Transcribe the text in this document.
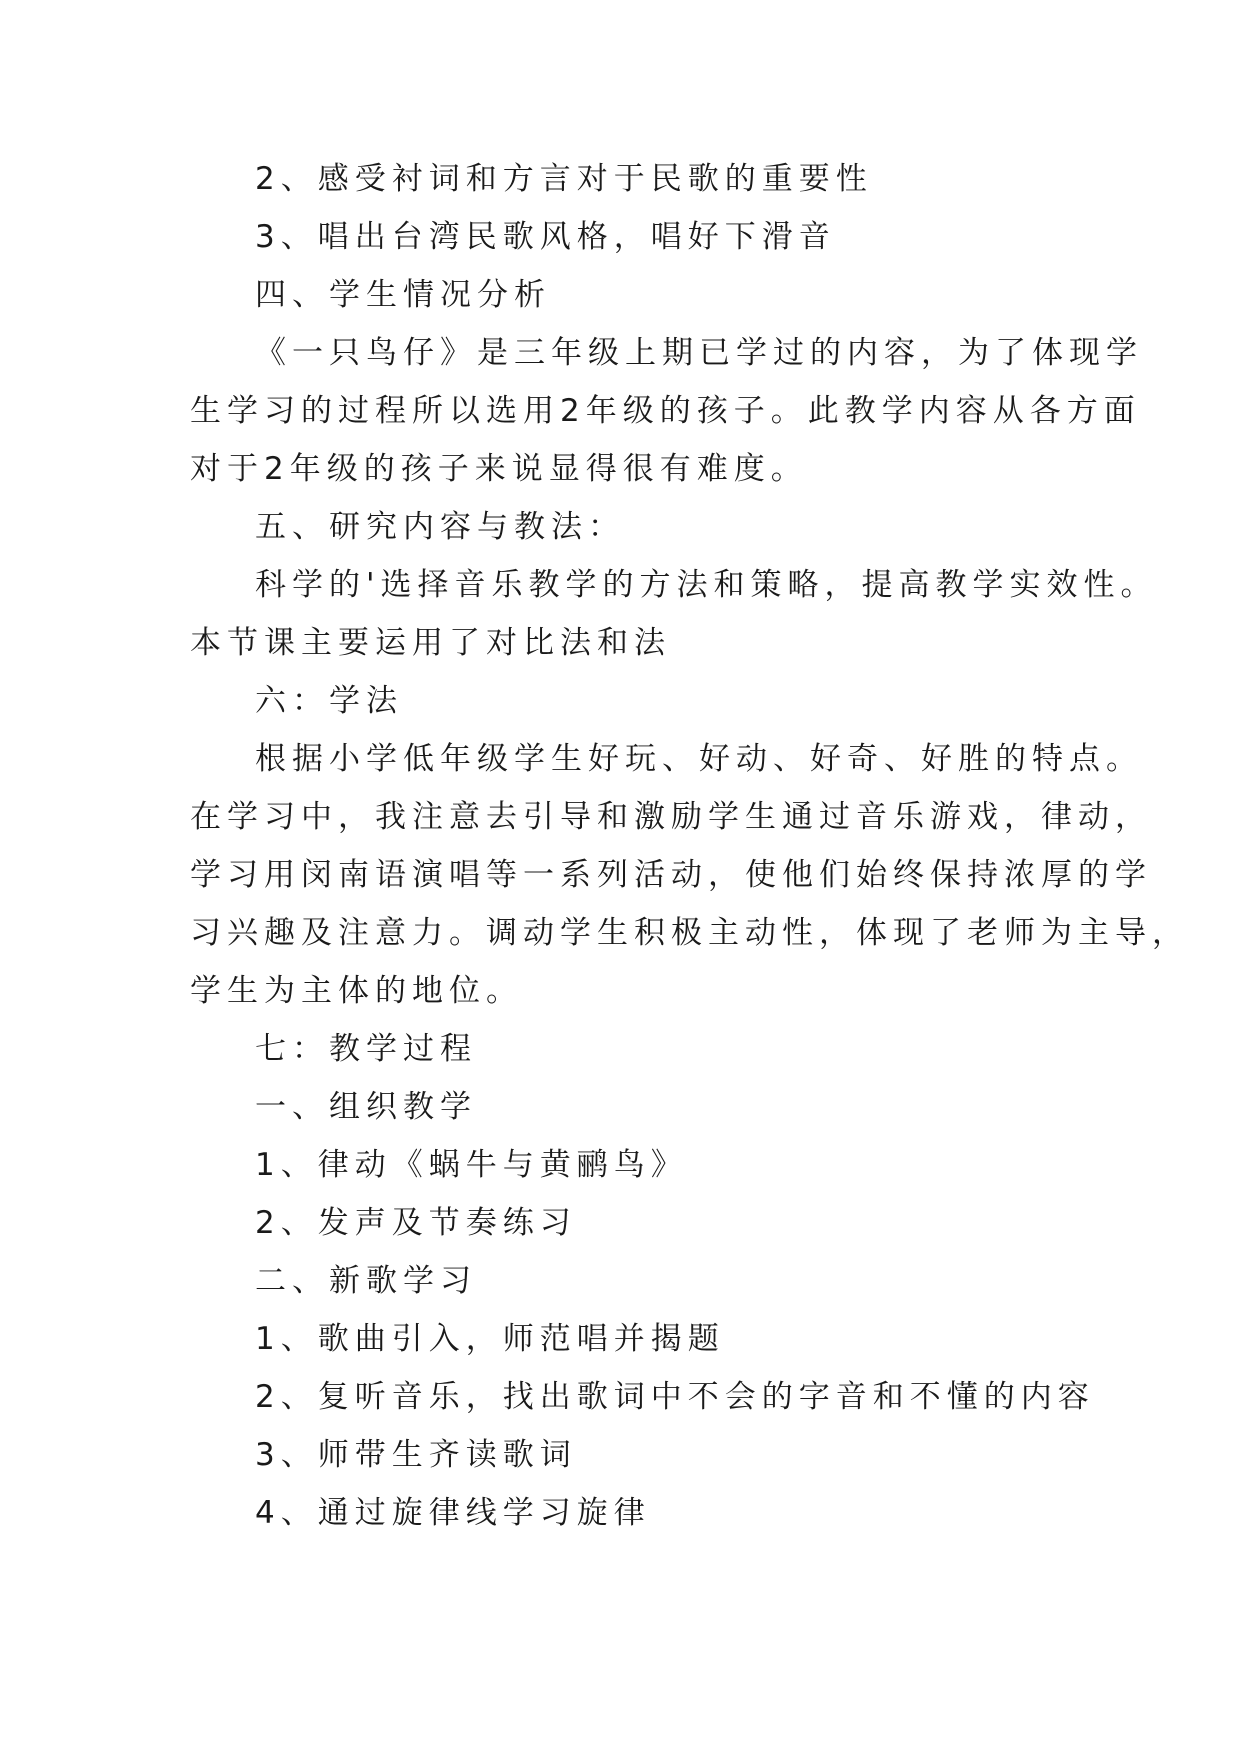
2、感受衬词和方言对于民歌的重要性

3、唱出台湾民歌风格，唱好下滑音

四、学生情况分析

《一只鸟仔》是三年级上期已学过的内容，为了体现学

生学习的过程所以选用2年级的孩子。此教学内容从各方面

对于2年级的孩子来说显得很有难度。

五、研究内容与教法：

科学的'选择音乐教学的方法和策略，提高教学实效性。

本节课主要运用了对比法和法

六：学法

根据小学低年级学生好玩、好动、好奇、好胜的特点。

在学习中，我注意去引导和激励学生通过音乐游戏，律动，

学习用闵南语演唱等一系列活动，使他们始终保持浓厚的学

习兴趣及注意力。调动学生积极主动性，体现了老师为主导，

学生为主体的地位。

七：教学过程

一、组织教学

1、律动《蜗牛与黄鹂鸟》

2、发声及节奏练习

二、新歌学习

1、歌曲引入，师范唱并揭题

2、复听音乐，找出歌词中不会的字音和不懂的内容

3、师带生齐读歌词

4、通过旋律线学习旋律
